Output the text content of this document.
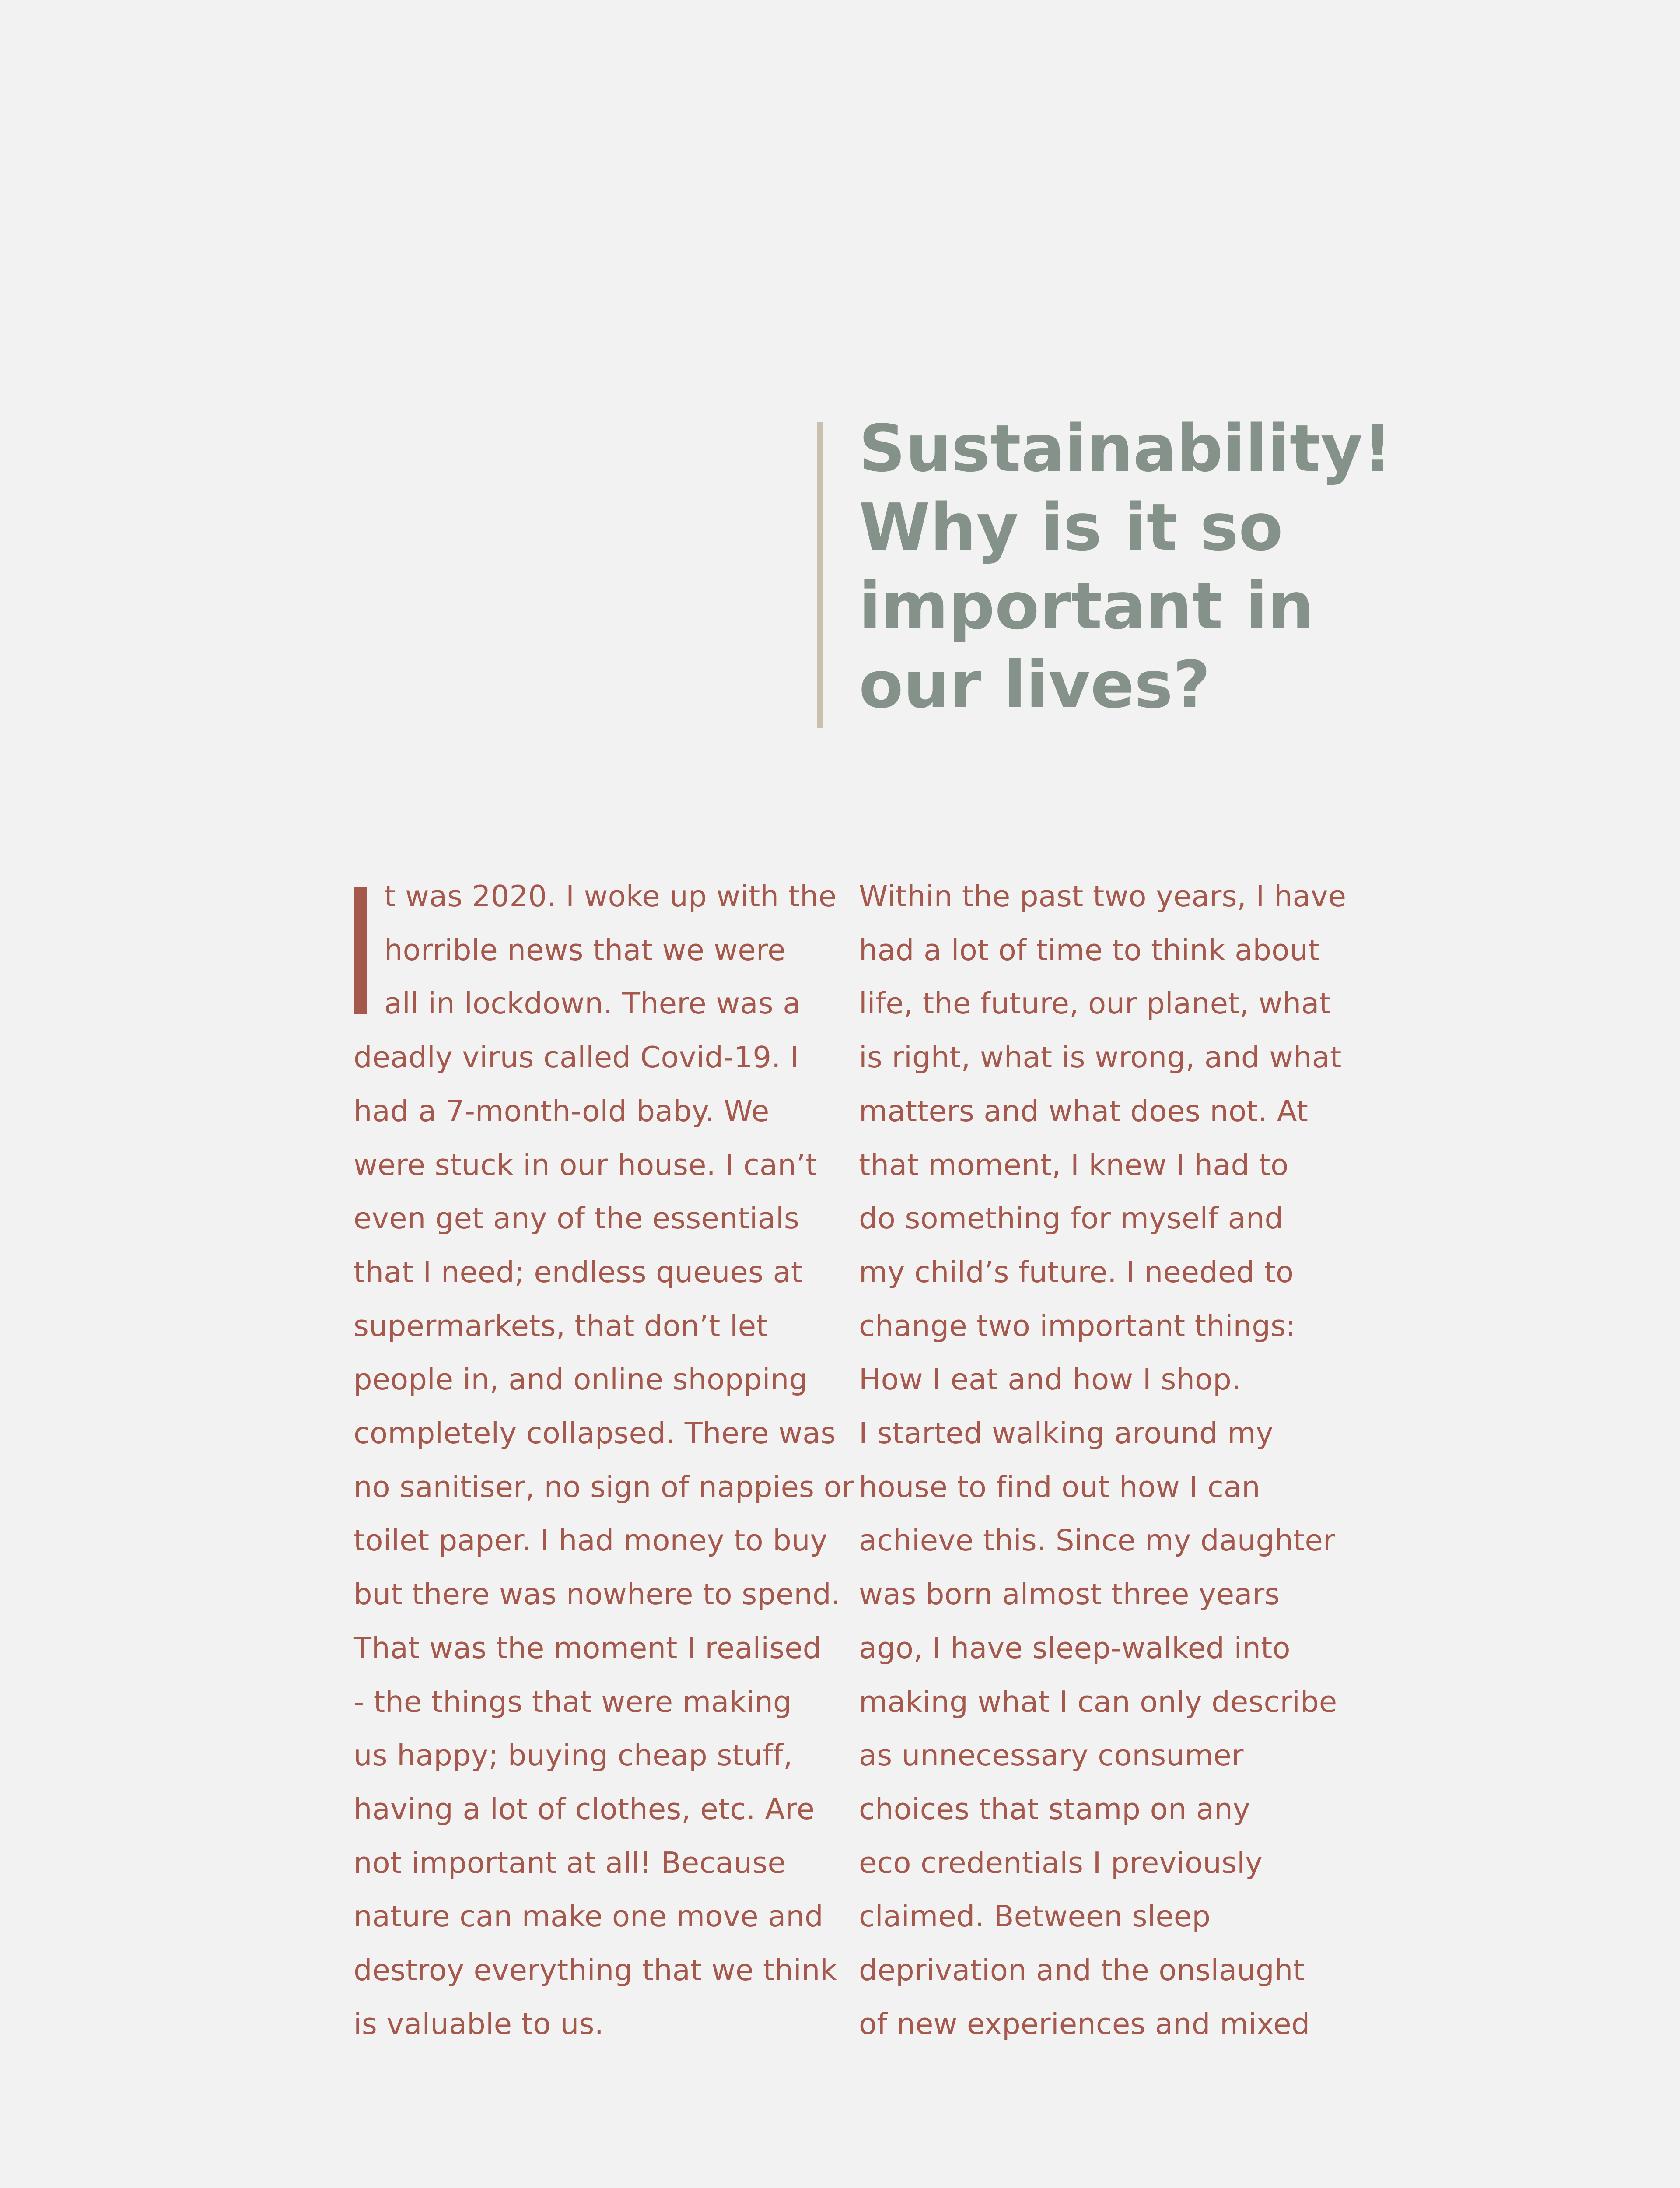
Sustainability!
Why is it so
important in
our lives?
t was 2020. I woke up with the
horrible news that we were
all in lockdown. There was a
deadly virus called Covid-19. I
had a 7-month-old baby. We
were stuck in our house. I can’t
even get any of the essentials
that I need; endless queues at
supermarkets, that don’t let
people in, and online shopping
completely collapsed. There was
no sanitiser, no sign of nappies or
toilet paper. I had money to buy
but there was nowhere to spend.
That was the moment I realised
- the things that were making
us happy; buying cheap stuff,
having a lot of clothes, etc. Are
not important at all! Because
nature can make one move and
destroy everything that we think
is valuable to us.
Within the past two years, I have
had a lot of time to think about
life, the future, our planet, what
is right, what is wrong, and what
matters and what does not. At
that moment, I knew I had to
do something for myself and
my child’s future. I needed to
change two important things:
How I eat and how I shop.
I started walking around my
house to find out how I can
achieve this. Since my daughter
was born almost three years
ago, I have sleep-walked into
making what I can only describe
as unnecessary consumer
choices that stamp on any
eco credentials I previously
claimed. Between sleep
deprivation and the onslaught
of new experiences and mixed
